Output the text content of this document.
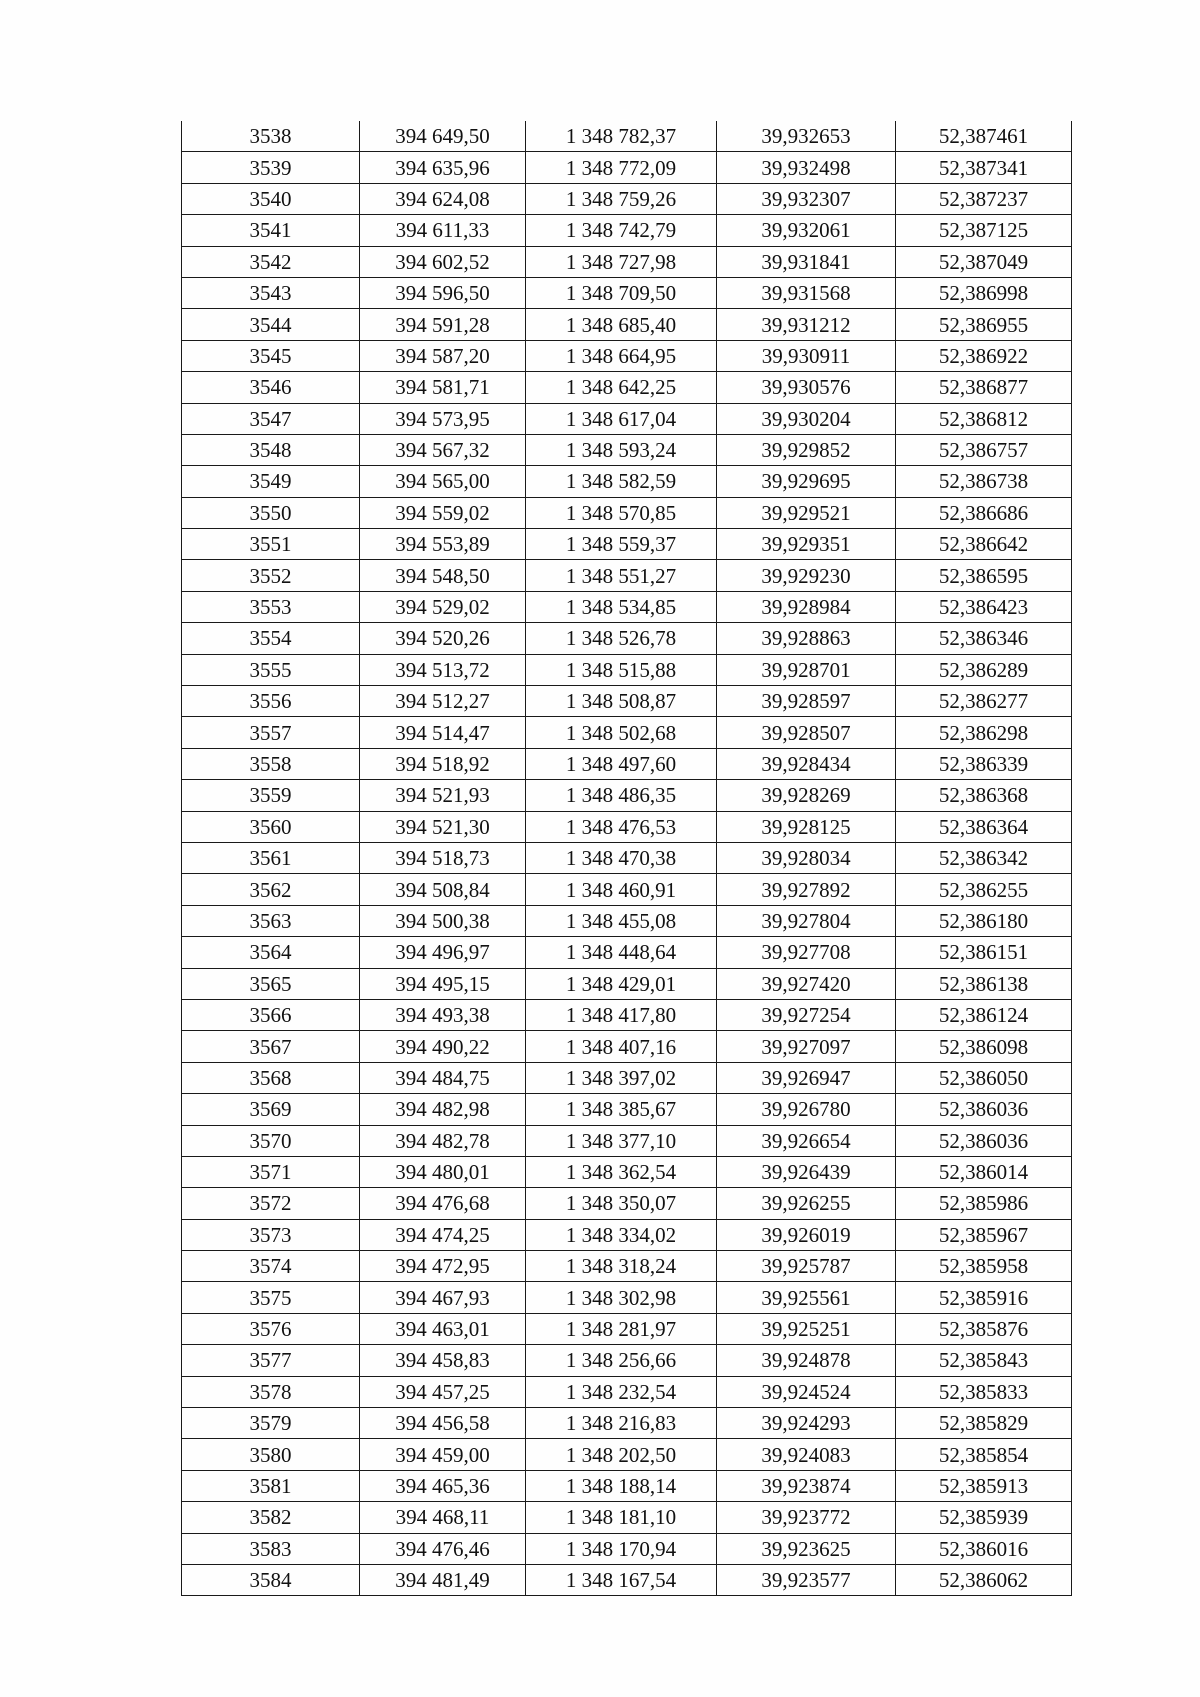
3538	394 649,50	1 348 782,37	39,932653	52,387461
3539	394 635,96	1 348 772,09	39,932498	52,387341
3540	394 624,08	1 348 759,26	39,932307	52,387237
3541	394 611,33	1 348 742,79	39,932061	52,387125
3542	394 602,52	1 348 727,98	39,931841	52,387049
3543	394 596,50	1 348 709,50	39,931568	52,386998
3544	394 591,28	1 348 685,40	39,931212	52,386955
3545	394 587,20	1 348 664,95	39,930911	52,386922
3546	394 581,71	1 348 642,25	39,930576	52,386877
3547	394 573,95	1 348 617,04	39,930204	52,386812
3548	394 567,32	1 348 593,24	39,929852	52,386757
3549	394 565,00	1 348 582,59	39,929695	52,386738
3550	394 559,02	1 348 570,85	39,929521	52,386686
3551	394 553,89	1 348 559,37	39,929351	52,386642
3552	394 548,50	1 348 551,27	39,929230	52,386595
3553	394 529,02	1 348 534,85	39,928984	52,386423
3554	394 520,26	1 348 526,78	39,928863	52,386346
3555	394 513,72	1 348 515,88	39,928701	52,386289
3556	394 512,27	1 348 508,87	39,928597	52,386277
3557	394 514,47	1 348 502,68	39,928507	52,386298
3558	394 518,92	1 348 497,60	39,928434	52,386339
3559	394 521,93	1 348 486,35	39,928269	52,386368
3560	394 521,30	1 348 476,53	39,928125	52,386364
3561	394 518,73	1 348 470,38	39,928034	52,386342
3562	394 508,84	1 348 460,91	39,927892	52,386255
3563	394 500,38	1 348 455,08	39,927804	52,386180
3564	394 496,97	1 348 448,64	39,927708	52,386151
3565	394 495,15	1 348 429,01	39,927420	52,386138
3566	394 493,38	1 348 417,80	39,927254	52,386124
3567	394 490,22	1 348 407,16	39,927097	52,386098
3568	394 484,75	1 348 397,02	39,926947	52,386050
3569	394 482,98	1 348 385,67	39,926780	52,386036
3570	394 482,78	1 348 377,10	39,926654	52,386036
3571	394 480,01	1 348 362,54	39,926439	52,386014
3572	394 476,68	1 348 350,07	39,926255	52,385986
3573	394 474,25	1 348 334,02	39,926019	52,385967
3574	394 472,95	1 348 318,24	39,925787	52,385958
3575	394 467,93	1 348 302,98	39,925561	52,385916
3576	394 463,01	1 348 281,97	39,925251	52,385876
3577	394 458,83	1 348 256,66	39,924878	52,385843
3578	394 457,25	1 348 232,54	39,924524	52,385833
3579	394 456,58	1 348 216,83	39,924293	52,385829
3580	394 459,00	1 348 202,50	39,924083	52,385854
3581	394 465,36	1 348 188,14	39,923874	52,385913
3582	394 468,11	1 348 181,10	39,923772	52,385939
3583	394 476,46	1 348 170,94	39,923625	52,386016
3584	394 481,49	1 348 167,54	39,923577	52,386062
